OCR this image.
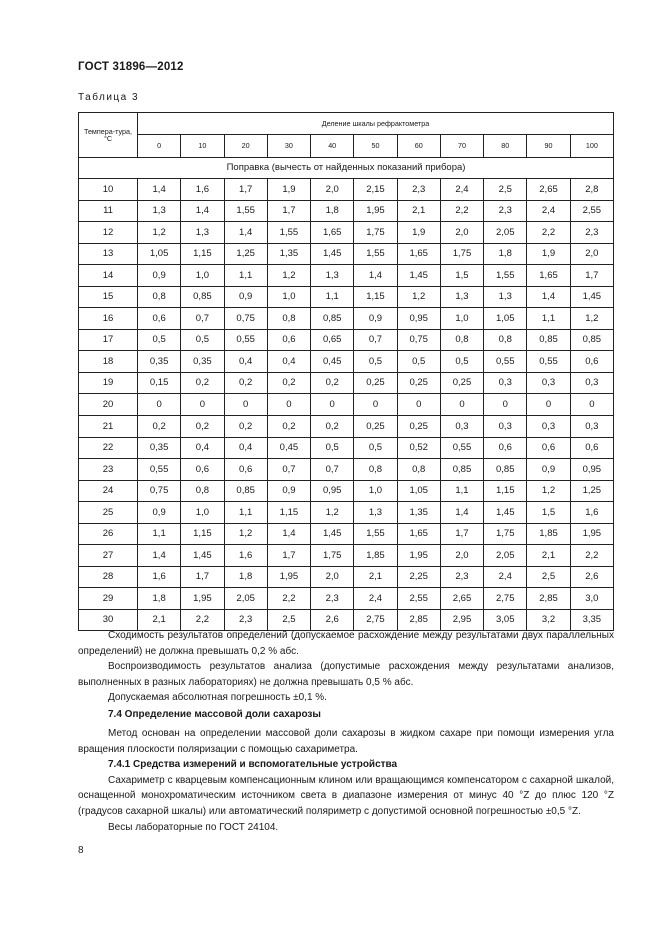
ГОСТ 31896—2012
Таблица 3
Темпера-тура, °С	Деление шкалы рефрактометра										
	0	10	20	30	40	50	60	70	80	90	100
Поправка (вычесть от найденных показаний прибора)											
10	1,4	1,6	1,7	1,9	2,0	2,15	2,3	2,4	2,5	2,65	2,8
11	1,3	1,4	1,55	1,7	1,8	1,95	2,1	2,2	2,3	2,4	2,55
12	1,2	1,3	1,4	1,55	1,65	1,75	1,9	2,0	2,05	2,2	2,3
13	1,05	1,15	1,25	1,35	1,45	1,55	1,65	1,75	1,8	1,9	2,0
14	0,9	1,0	1,1	1,2	1,3	1,4	1,45	1,5	1,55	1,65	1,7
15	0,8	0,85	0,9	1,0	1,1	1,15	1,2	1,3	1,3	1,4	1,45
16	0,6	0,7	0,75	0,8	0,85	0,9	0,95	1,0	1,05	1,1	1,2
17	0,5	0,5	0,55	0,6	0,65	0,7	0,75	0,8	0,8	0,85	0,85
18	0,35	0,35	0,4	0,4	0,45	0,5	0,5	0,5	0,55	0,55	0,6
19	0,15	0,2	0,2	0,2	0,2	0,25	0,25	0,25	0,3	0,3	0,3
20	0	0	0	0	0	0	0	0	0	0	0
21	0,2	0,2	0,2	0,2	0,2	0,25	0,25	0,3	0,3	0,3	0,3
22	0,35	0,4	0,4	0,45	0,5	0,5	0,52	0,55	0,6	0,6	0,6
23	0,55	0,6	0,6	0,7	0,7	0,8	0,8	0,85	0,85	0,9	0,95
24	0,75	0,8	0,85	0,9	0,95	1,0	1,05	1,1	1,15	1,2	1,25
25	0,9	1,0	1,1	1,15	1,2	1,3	1,35	1,4	1,45	1,5	1,6
26	1,1	1,15	1,2	1,4	1,45	1,55	1,65	1,7	1,75	1,85	1,95
27	1,4	1,45	1,6	1,7	1,75	1,85	1,95	2,0	2,05	2,1	2,2
28	1,6	1,7	1,8	1,95	2,0	2,1	2,25	2,3	2,4	2,5	2,6
29	1,8	1,95	2,05	2,2	2,3	2,4	2,55	2,65	2,75	2,85	3,0
30	2,1	2,2	2,3	2,5	2,6	2,75	2,85	2,95	3,05	3,2	3,35

Сходимость результатов определений (допускаемое расхождение между результатами двух параллельных определений) не должна превышать 0,2 % абс.

Воспроизводимость результатов анализа (допустимые расхождения между результатами анализов, выполненных в разных лабораториях) не должна превышать 0,5 % абс.

Допускаемая абсолютная погрешность ±0,1 %.

7.4 Определение массовой доли сахарозы

Метод основан на определении массовой доли сахарозы в жидком сахаре при помощи измерения угла вращения плоскости поляризации с помощью сахариметра.

7.4.1 Средства измерений и вспомогательные устройства

Сахариметр с кварцевым компенсационным клином или вращающимся компенсатором с сахарной шкалой, оснащенной монохроматическим источником света в диапазоне измерения от минус 40 °Z до плюс 120 °Z (градусов сахарной шкалы) или автоматический поляриметр с допустимой основной погрешностью ±0,5 °Z.

Весы лабораторные по ГОСТ 24104.

8
